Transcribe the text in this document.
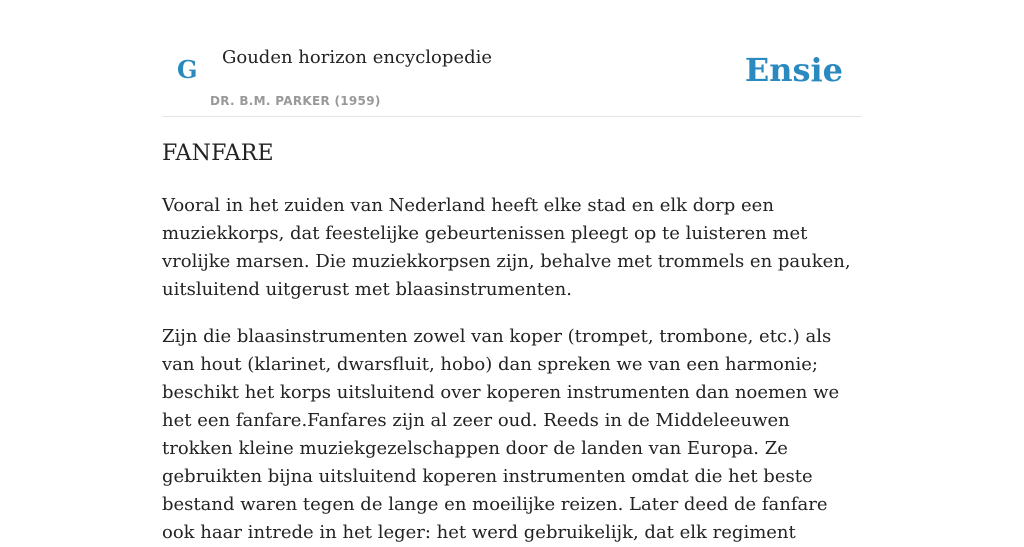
G Gouden horizon encyclopedie
DR. B.M. PARKER (1959)
Ensie
FANFARE

Vooral in het zuiden van Nederland heeft elke stad en elk dorp een muziekkorps, dat feestelijke gebeurtenissen pleegt op te luisteren met vrolijke marsen. Die muziekkorpsen zijn, behalve met trommels en pauken, uitsluitend uitgerust met blaasinstrumenten.

Zijn die blaasinstrumenten zowel van koper (trompet, trombone, etc.) als van hout (klarinet, dwarsfluit, hobo) dan spreken we van een harmonie; beschikt het korps uitsluitend over koperen instrumenten dan noemen we het een fanfare.Fanfares zijn al zeer oud. Reeds in de Middeleeuwen trokken kleine muziekgezelschappen door de landen van Europa. Ze gebruikten bijna uitsluitend koperen instrumenten omdat die het beste bestand waren tegen de lange en moeilijke reizen. Later deed de fanfare ook haar intrede in het leger: het werd gebruikelijk, dat elk regiment
